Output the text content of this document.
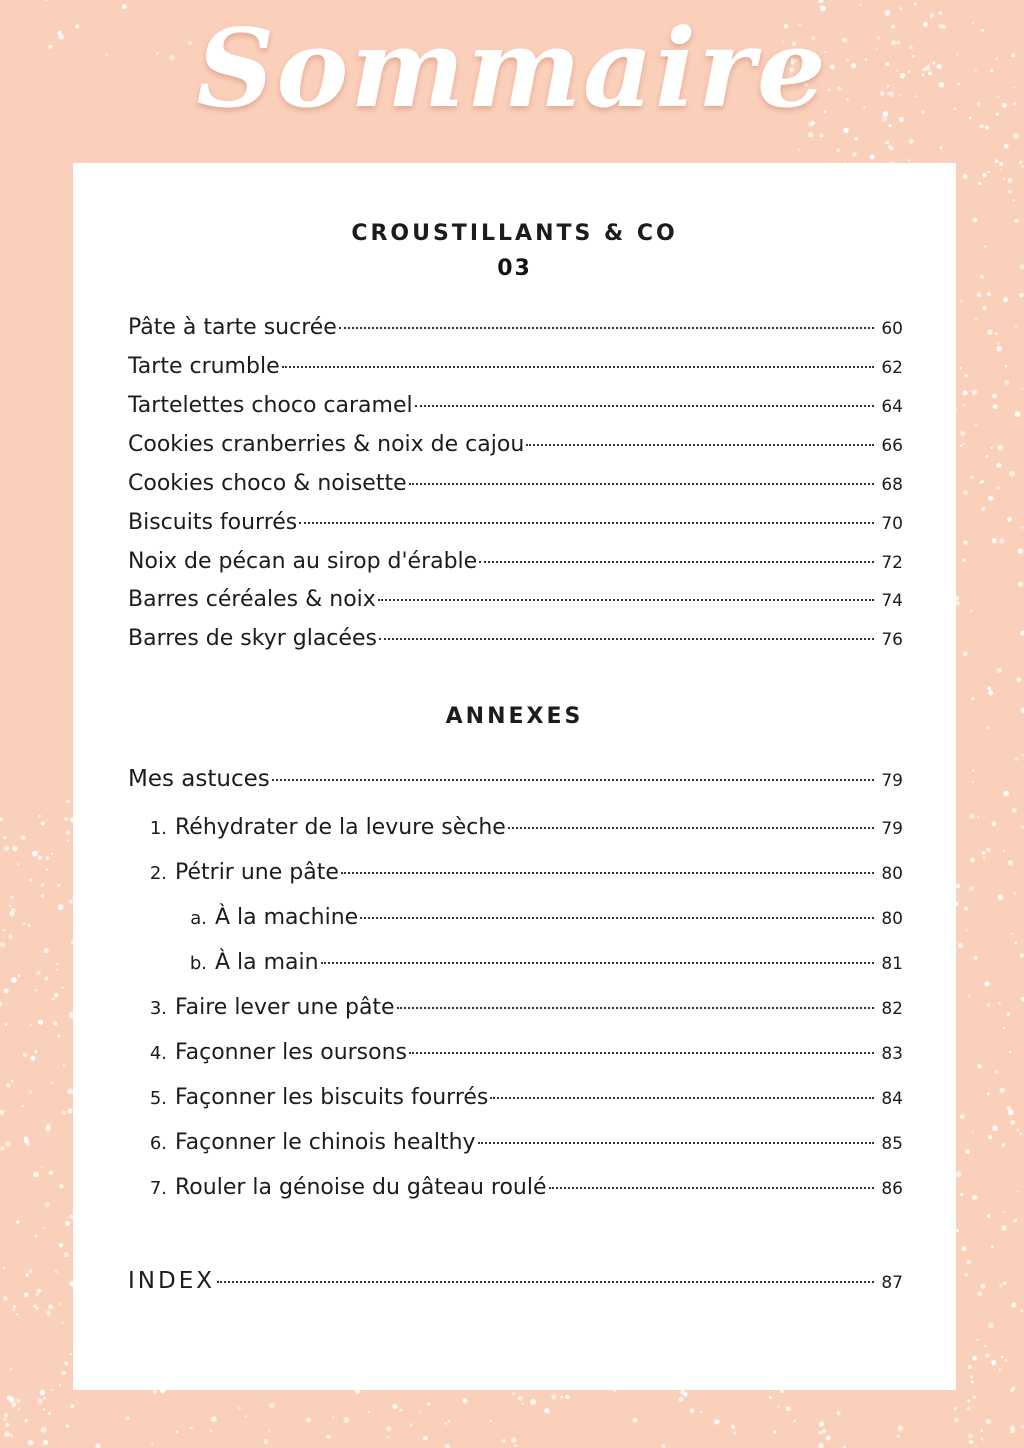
Sommaire
CROUSTILLANTS & CO
03
Pâte à tarte sucrée	60
Tarte crumble	62
Tartelettes choco caramel	64
Cookies cranberries & noix de cajou	66
Cookies choco & noisette	68
Biscuits fourrés	70
Noix de pécan au sirop d'érable	72
Barres céréales & noix	74
Barres de skyr glacées	76
ANNEXES
Mes astuces	79
1. Réhydrater de la levure sèche	79
2. Pétrir une pâte	80
a. À la machine	80
b. À la main	81
3. Faire lever une pâte	82
4. Façonner les oursons	83
5. Façonner les biscuits fourrés	84
6. Façonner le chinois healthy	85
7. Rouler la génoise du gâteau roulé	86
INDEX	87
